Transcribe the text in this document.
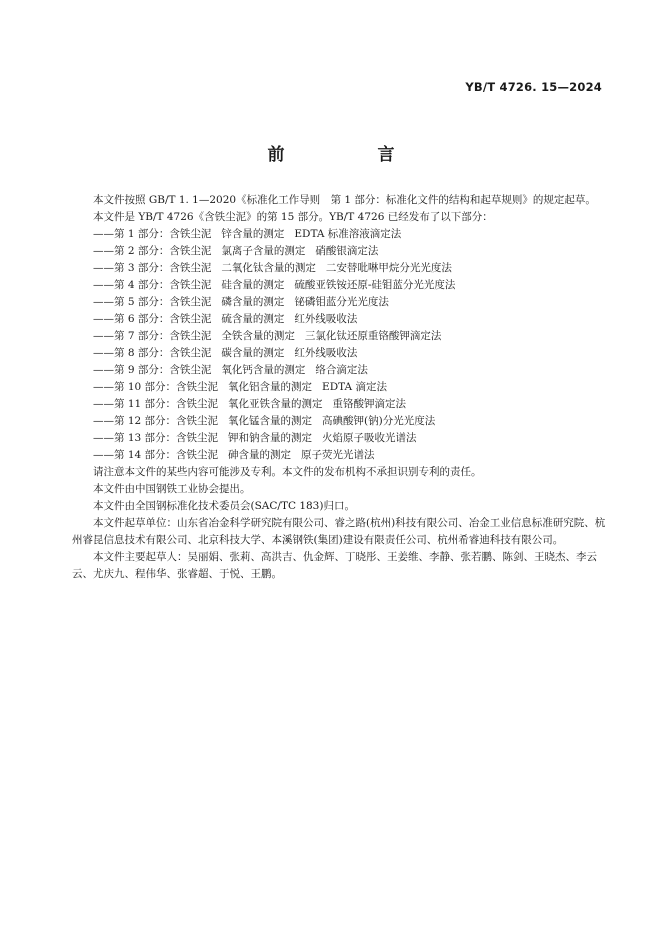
YB/T 4726. 15—2024
前　言

本文件按照 GB/T 1. 1—2020《标准化工作导则　第 1 部分：标准化文件的结构和起草规则》的规定起草。

本文件是 YB/T 4726《含铁尘泥》的第 15 部分。YB/T 4726 已经发布了以下部分：

——第 1 部分：含铁尘泥 锌含量的测定 EDTA 标准溶液滴定法

——第 2 部分：含铁尘泥 氯离子含量的测定 硝酸银滴定法

——第 3 部分：含铁尘泥 二氧化钛含量的测定 二安替吡啉甲烷分光光度法

——第 4 部分：含铁尘泥 硅含量的测定 硫酸亚铁铵还原-硅钼蓝分光光度法

——第 5 部分：含铁尘泥 磷含量的测定 铋磷钼蓝分光光度法

——第 6 部分：含铁尘泥 硫含量的测定 红外线吸收法

——第 7 部分：含铁尘泥 全铁含量的测定 三氯化钛还原重铬酸钾滴定法

——第 8 部分：含铁尘泥 碳含量的测定 红外线吸收法

——第 9 部分：含铁尘泥 氧化钙含量的测定 络合滴定法

——第 10 部分：含铁尘泥 氧化铝含量的测定 EDTA 滴定法

——第 11 部分：含铁尘泥 氧化亚铁含量的测定 重铬酸钾滴定法

——第 12 部分：含铁尘泥 氧化锰含量的测定 高碘酸钾(钠)分光光度法

——第 13 部分：含铁尘泥 钾和钠含量的测定 火焰原子吸收光谱法

——第 14 部分：含铁尘泥 砷含量的测定 原子荧光光谱法

请注意本文件的某些内容可能涉及专利。本文件的发布机构不承担识别专利的责任。

本文件由中国钢铁工业协会提出。

本文件由全国钢标准化技术委员会(SAC/TC 183)归口。

本文件起草单位：山东省冶金科学研究院有限公司、睿之路(杭州)科技有限公司、冶金工业信息标准研究院、杭州睿昆信息技术有限公司、北京科技大学、本溪钢铁(集团)建设有限责任公司、杭州希睿迪科技有限公司。

本文件主要起草人：吴丽娟、张莉、高洪吉、仇金辉、丁晓彤、王姜维、李静、张若鹏、陈剑、王晓杰、李云云、尤庆九、程伟华、张睿超、于悦、王鹏。
